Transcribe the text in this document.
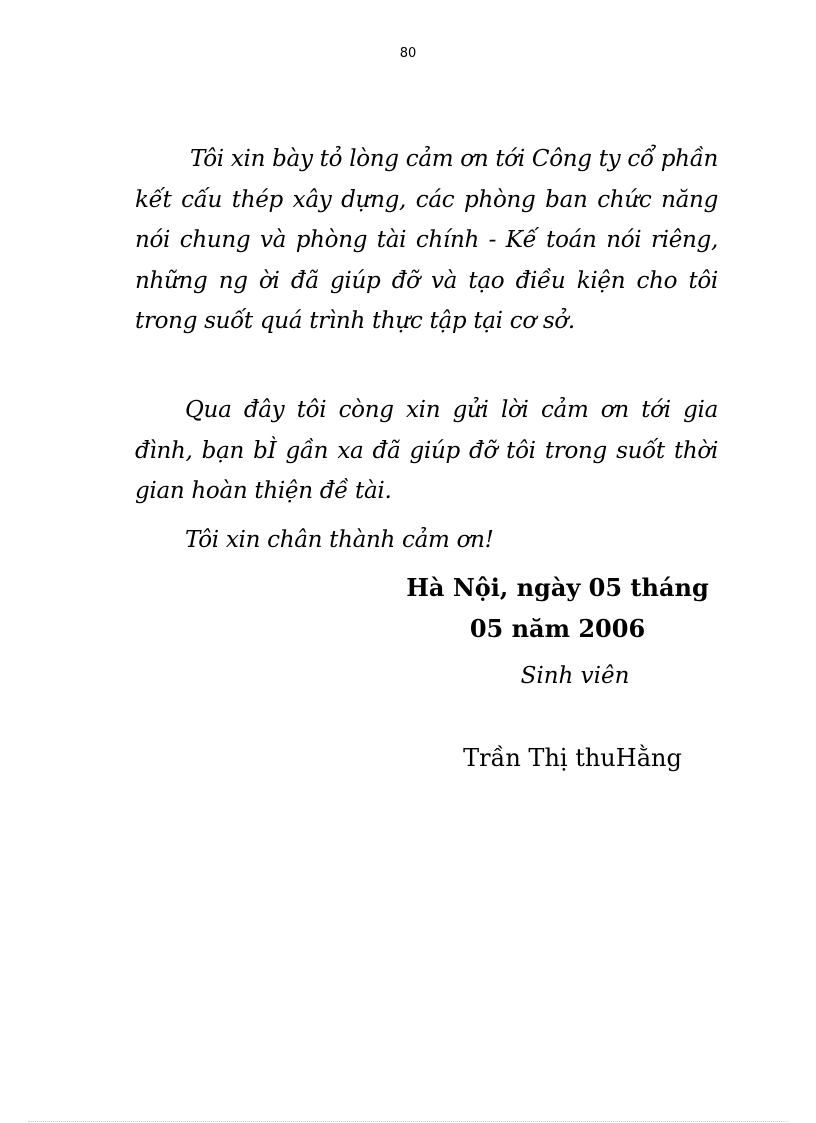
80
Tôi xin bày tỏ lòng cảm ơn tới Công ty cổ phần kết cấu thép xây dựng, các phòng ban chức năng nói chung và phòng tài chính - Kế toán nói riêng, những ng ời đã giúp đỡ và tạo điều kiện cho tôi trong suốt quá trình thực tập tại cơ sở.
Qua đây tôi còng xin gửi lời cảm ơn tới gia đình, bạn bÌ gần xa đã giúp đỡ tôi trong suốt thời gian hoàn thiện đề tài.
Tôi xin chân thành cảm ơn!
Hà Nội, ngày 05 tháng
05 năm 2006
Sinh viên
Trần Thị thuHằng
